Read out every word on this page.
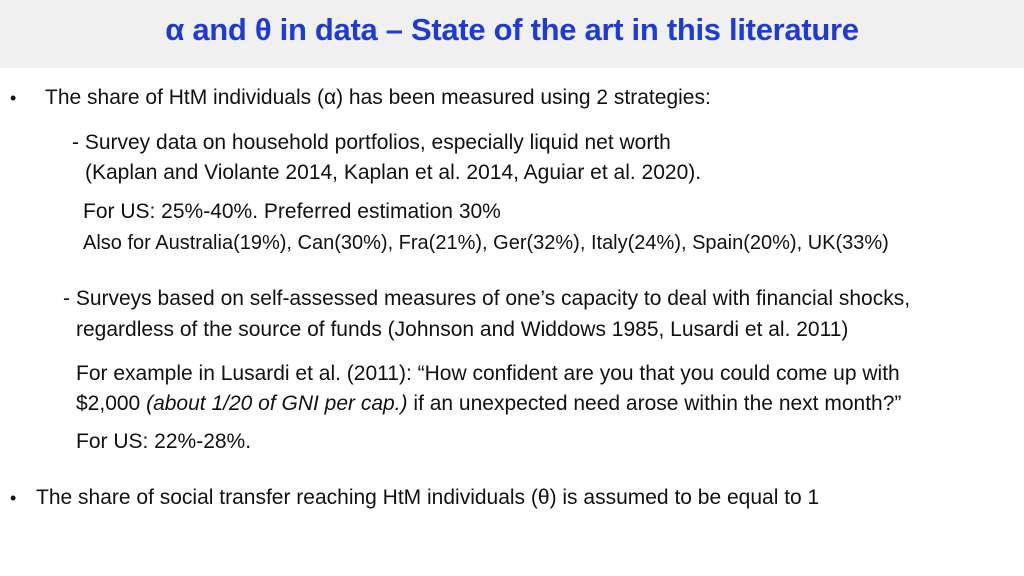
α and θ in data – State of the art in this literature
• The share of HtM individuals (α) has been measured using 2 strategies:
- Survey data on household portfolios, especially liquid net worth
(Kaplan and Violante 2014, Kaplan et al. 2014, Aguiar et al. 2020).
For US: 25%-40%. Preferred estimation 30%
Also for Australia(19%), Can(30%), Fra(21%), Ger(32%), Italy(24%), Spain(20%), UK(33%)
- Surveys based on self-assessed measures of one’s capacity to deal with financial shocks,
regardless of the source of funds (Johnson and Widdows 1985, Lusardi et al. 2011)
For example in Lusardi et al. (2011): “How confident are you that you could come up with
$2,000 (about 1/20 of GNI per cap.) if an unexpected need arose within the next month?”
For US: 22%-28%.
• The share of social transfer reaching HtM individuals (θ) is assumed to be equal to 1
